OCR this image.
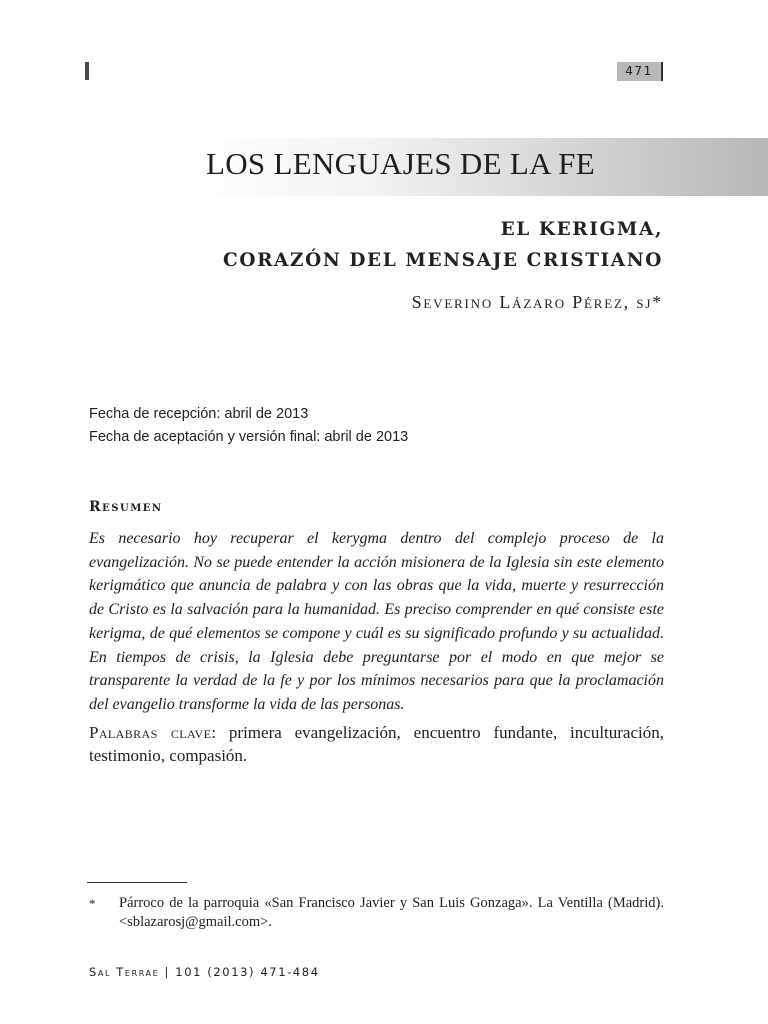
471
LOS LENGUAJES DE LA FE
EL KERIGMA,
CORAZÓN DEL MENSAJE CRISTIANO
Severino Lázaro Pérez, sj*
Fecha de recepción: abril de 2013
Fecha de aceptación y versión final: abril de 2013
Resumen

Es necesario hoy recuperar el kerygma dentro del complejo proceso de la evangelización. No se puede entender la acción misionera de la Iglesia sin este elemento kerigmático que anuncia de palabra y con las obras que la vida, muerte y resurrección de Cristo es la salvación para la humanidad. Es preciso comprender en qué consiste este kerigma, de qué elementos se compone y cuál es su significado profundo y su actualidad. En tiempos de crisis, la Iglesia debe preguntarse por el modo en que mejor se transparente la verdad de la fe y por los mínimos necesarios para que la proclamación del evangelio transforme la vida de las personas.

Palabras clave: primera evangelización, encuentro fundante, inculturación, testimonio, compasión.

* Párroco de la parroquia «San Francisco Javier y San Luis Gonzaga». La Ventilla (Madrid). <sblazarosj@gmail.com>.

Sal Terrae | 101 (2013) 471-484
